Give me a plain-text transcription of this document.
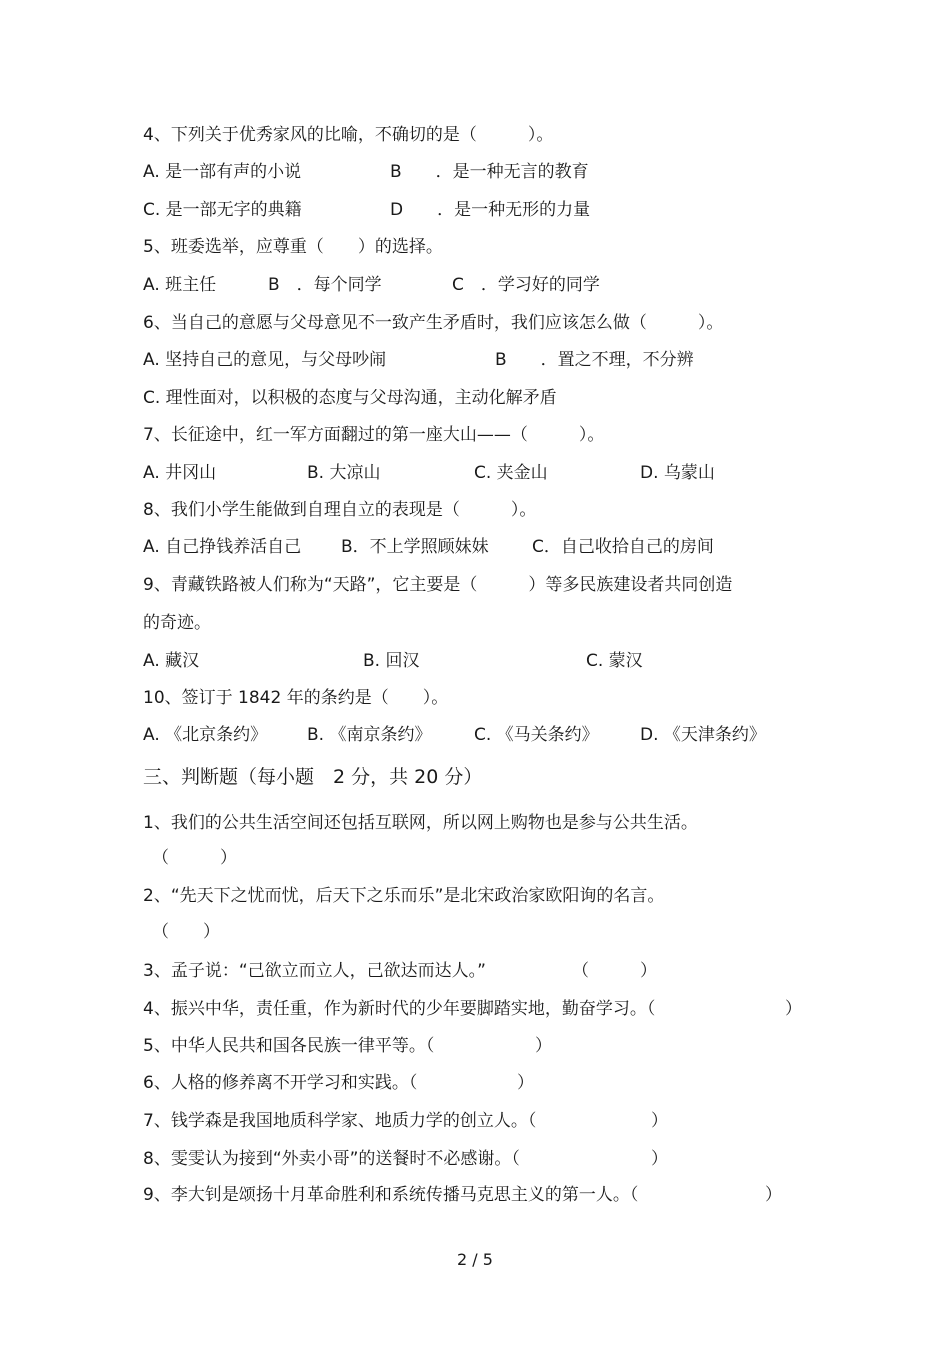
4、下列关于优秀家风的比喻，不确切的是（　　　）。
A. 是一部有声的小说	B　　．是一种无言的教育
C. 是一部无字的典籍	D　　．是一种无形的力量
5、班委选举，应尊重（　　）的选择。
A. 班主任	B　．每个同学	C　．学习好的同学
6、当自己的意愿与父母意见不一致产生矛盾时，我们应该怎么做（　　　）。
A. 坚持自己的意见，与父母吵闹	B　　．置之不理，不分辨
C. 理性面对，以积极的态度与父母沟通，主动化解矛盾
7、长征途中，红一军方面翻过的第一座大山——（　　　）。
A. 井冈山	B. 大凉山	C. 夹金山	D. 乌蒙山
8、我们小学生能做到自理自立的表现是（　　　）。
A. 自己挣钱养活自己 B．不上学照顾妹妹	C．自己收拾自己的房间
9、青藏铁路被人们称为“天路”，它主要是（　　　）等多民族建设者共同创造
的奇迹。
A. 藏汉	B. 回汉	C. 蒙汉
10、签订于 1842 年的条约是（　　）。
A. 《北京条约》 B. 《南京条约》	C. 《马关条约》 D. 《天津条约》
三、判断题（每小题　2 分，共 20 分）
1、我们的公共生活空间还包括互联网，所以网上购物也是参与公共生活。
（　　　）
2、“先天下之忧而忧，后天下之乐而乐”是北宋政治家欧阳询的名言。
（　　）
3、孟子说：“己欲立而立人，己欲达而达人。”	（　　　）
4、振兴中华，责任重，作为新时代的少年要脚踏实地，勤奋学习。（	）
5、中华人民共和国各民族一律平等。（	）
6、人格的修养离不开学习和实践。（	）
7、钱学森是我国地质科学家、地质力学的创立人。（	）
8、雯雯认为接到“外卖小哥”的送餐时不必感谢。（	）
9、李大钊是颂扬十月革命胜利和系统传播马克思主义的第一人。（	）
2 / 5
